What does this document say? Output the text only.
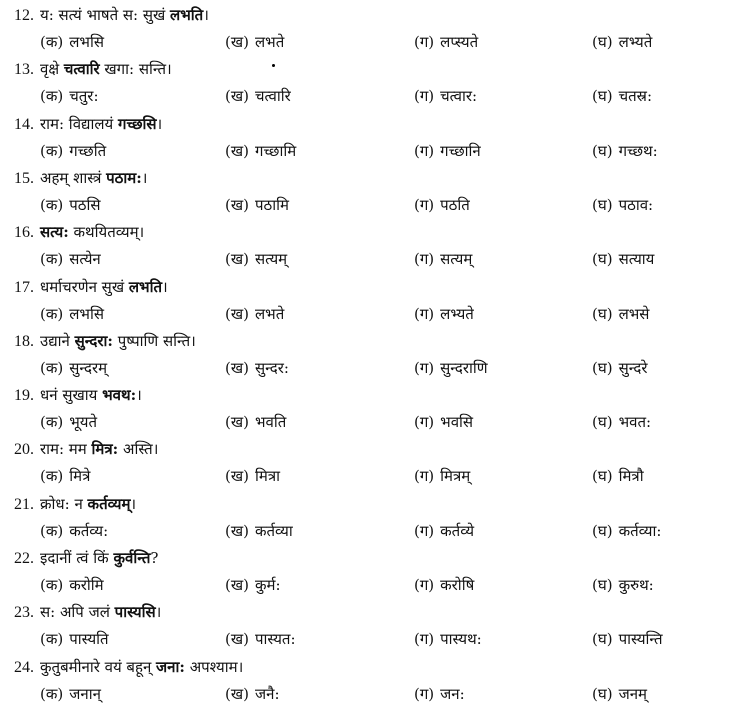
12. य: सत्यं भाषते स: सुखं लभति।
(क) लभसि	(ख) लभते	(ग) लप्स्यते	(घ) लभ्यते
13. वृक्षे चत्वारि खगा: सन्ति।
(क) चतुर:	(ख) चत्वारि	(ग) चत्वार:	(घ) चतस्र:
14. राम: विद्यालयं गच्छसि।
(क) गच्छति	(ख) गच्छामि	(ग) गच्छानि	(घ) गच्छथ:
15. अहम् शास्त्रं पठाम:।
(क) पठसि	(ख) पठामि	(ग) पठति	(घ) पठाव:
16. सत्य: कथयितव्यम्।
(क) सत्येन	(ख) सत्यम्	(ग) सत्यम्	(घ) सत्याय
17. धर्माचरणेन सुखं लभति।
(क) लभसि	(ख) लभते	(ग) लभ्यते	(घ) लभसे
18. उद्याने सुन्दरा: पुष्पाणि सन्ति।
(क) सुन्दरम्	(ख) सुन्दर:	(ग) सुन्दराणि	(घ) सुन्दरे
19. धनं सुखाय भवथ:।
(क) भूयते	(ख) भवति	(ग) भवसि	(घ) भवत:
20. राम: मम मित्र: अस्ति।
(क) मित्रे	(ख) मित्रा	(ग) मित्रम्	(घ) मित्रौ
21. क्रोध: न कर्तव्यम्।
(क) कर्तव्य:	(ख) कर्तव्या	(ग) कर्तव्ये	(घ) कर्तव्या:
22. इदानीं त्वं किं कुर्वन्ति?
(क) करोमि	(ख) कुर्म:	(ग) करोषि	(घ) कुरुथ:
23. स: अपि जलं पास्यसि।
(क) पास्यति	(ख) पास्यत:	(ग) पास्यथ:	(घ) पास्यन्ति
24. कुतुबमीनारे वयं बहून् जना: अपश्याम।
(क) जनान्	(ख) जनै:	(ग) जन:	(घ) जनम्
